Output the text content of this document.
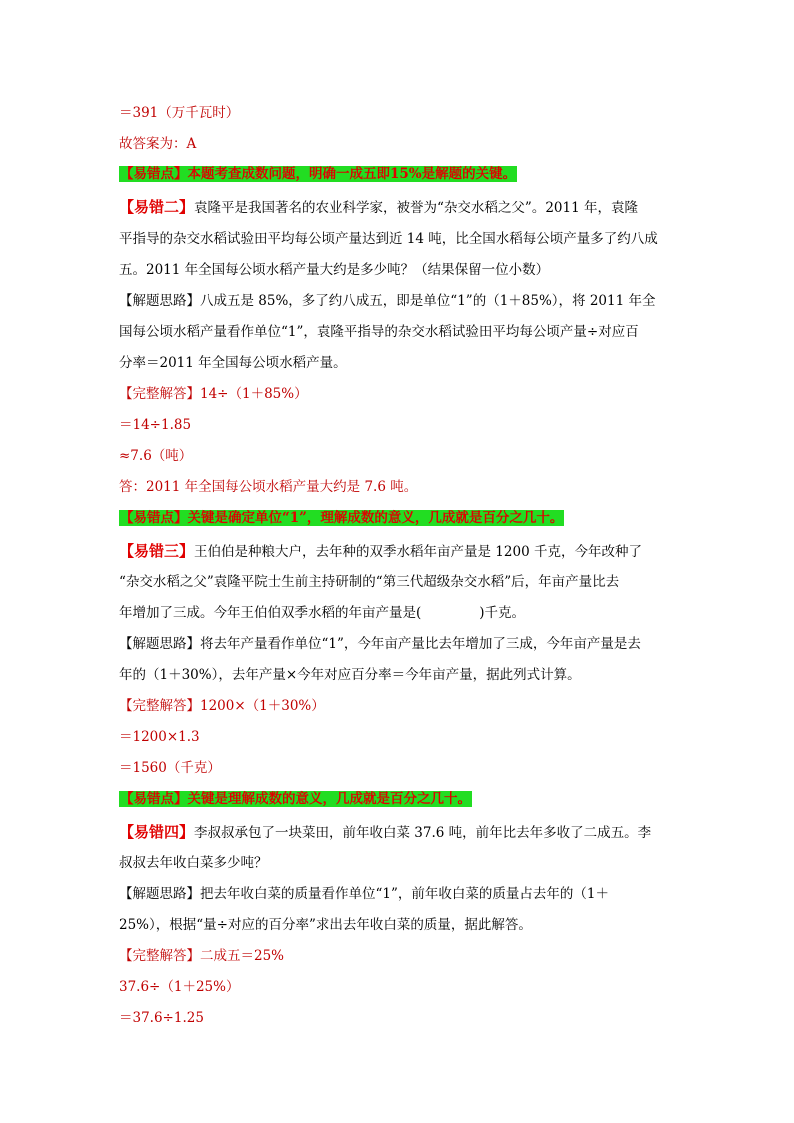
＝391（万千瓦时）
故答案为：A
【易错点】本题考查成数问题，明确一成五即15%是解题的关键。
【易错二】袁隆平是我国著名的农业科学家，被誉为“杂交水稻之父”。2011 年，袁隆
平指导的杂交水稻试验田平均每公顷产量达到近 14 吨，比全国水稻每公顷产量多了约八成
五。2011 年全国每公顷水稻产量大约是多少吨？（结果保留一位小数）
【解题思路】八成五是 85%，多了约八成五，即是单位“1”的（1＋85%），将 2011 年全
国每公顷水稻产量看作单位“1”，袁隆平指导的杂交水稻试验田平均每公顷产量÷对应百
分率＝2011 年全国每公顷水稻产量。
【完整解答】14÷（1＋85%）
＝14÷1.85
≈7.6（吨）
答：2011 年全国每公顷水稻产量大约是 7.6 吨。
【易错点】关键是确定单位“1”，理解成数的意义，几成就是百分之几十。
【易错三】王伯伯是种粮大户，去年种的双季水稻年亩产量是 1200 千克，今年改种了
“杂交水稻之父”袁隆平院士生前主持研制的“第三代超级杂交水稻”后，年亩产量比去
年增加了三成。今年王伯伯双季水稻的年亩产量是(	)千克。
【解题思路】将去年产量看作单位“1”，今年亩产量比去年增加了三成，今年亩产量是去
年的（1＋30%），去年产量×今年对应百分率＝今年亩产量，据此列式计算。
【完整解答】1200×（1＋30%）
＝1200×1.3
＝1560（千克）
【易错点】关键是理解成数的意义，几成就是百分之几十。
【易错四】李叔叔承包了一块菜田，前年收白菜 37.6 吨，前年比去年多收了二成五。李
叔叔去年收白菜多少吨？
【解题思路】把去年收白菜的质量看作单位“1”，前年收白菜的质量占去年的（1＋
25%），根据“量÷对应的百分率”求出去年收白菜的质量，据此解答。
【完整解答】二成五＝25%
37.6÷（1＋25%）
＝37.6÷1.25
